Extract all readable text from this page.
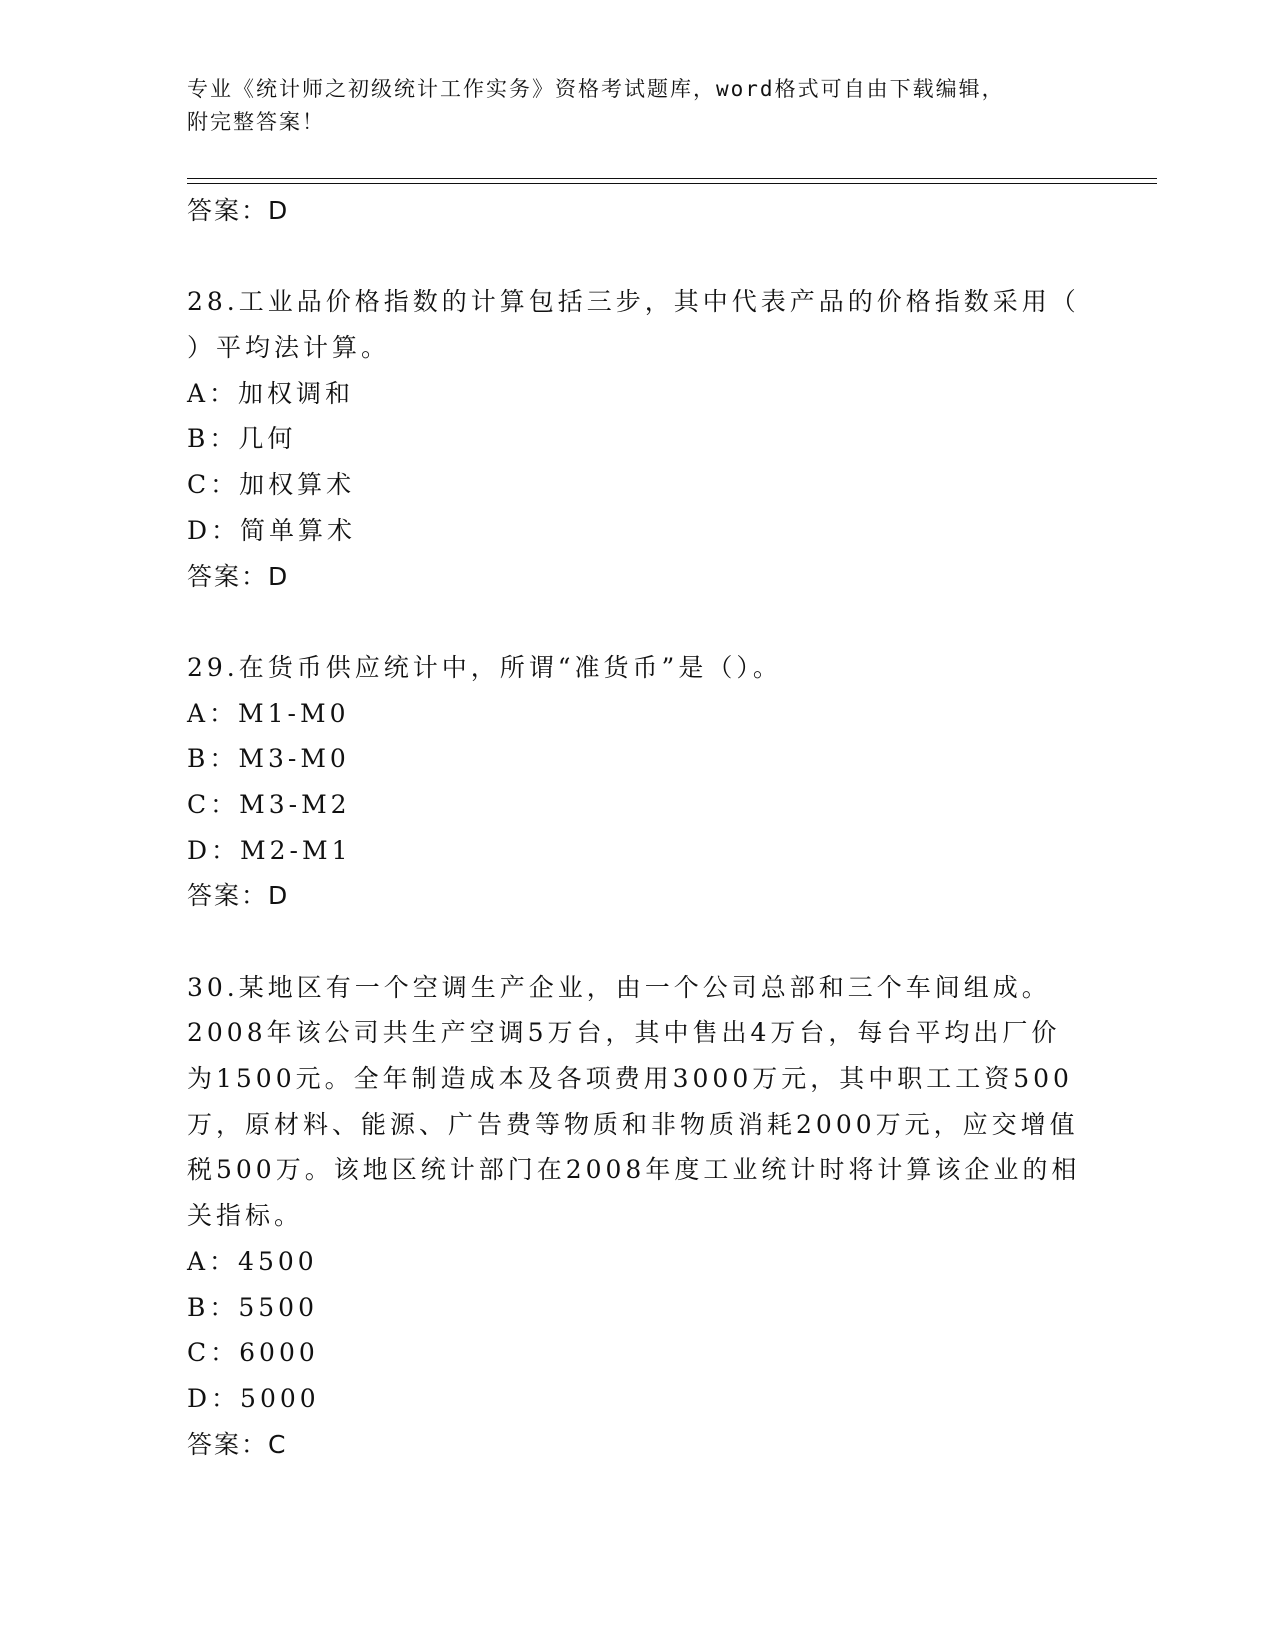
专业《统计师之初级统计工作实务》资格考试题库，word格式可自由下载编辑，
附完整答案！
答案：D
28.工业品价格指数的计算包括三步，其中代表产品的价格指数采用（
）平均法计算。
A：加权调和
B：几何
C：加权算术
D：简单算术
答案：D
29.在货币供应统计中，所谓“准货币”是（）。
A：M1-M0
B：M3-M0
C：M3-M2
D：M2-M1
答案：D
30.某地区有一个空调生产企业，由一个公司总部和三个车间组成。
2008年该公司共生产空调5万台，其中售出4万台，每台平均出厂价
为1500元。全年制造成本及各项费用3000万元，其中职工工资500
万，原材料、能源、广告费等物质和非物质消耗2000万元，应交增值
税500万。该地区统计部门在2008年度工业统计时将计算该企业的相
关指标。
A：4500
B：5500
C：6000
D：5000
答案：C
